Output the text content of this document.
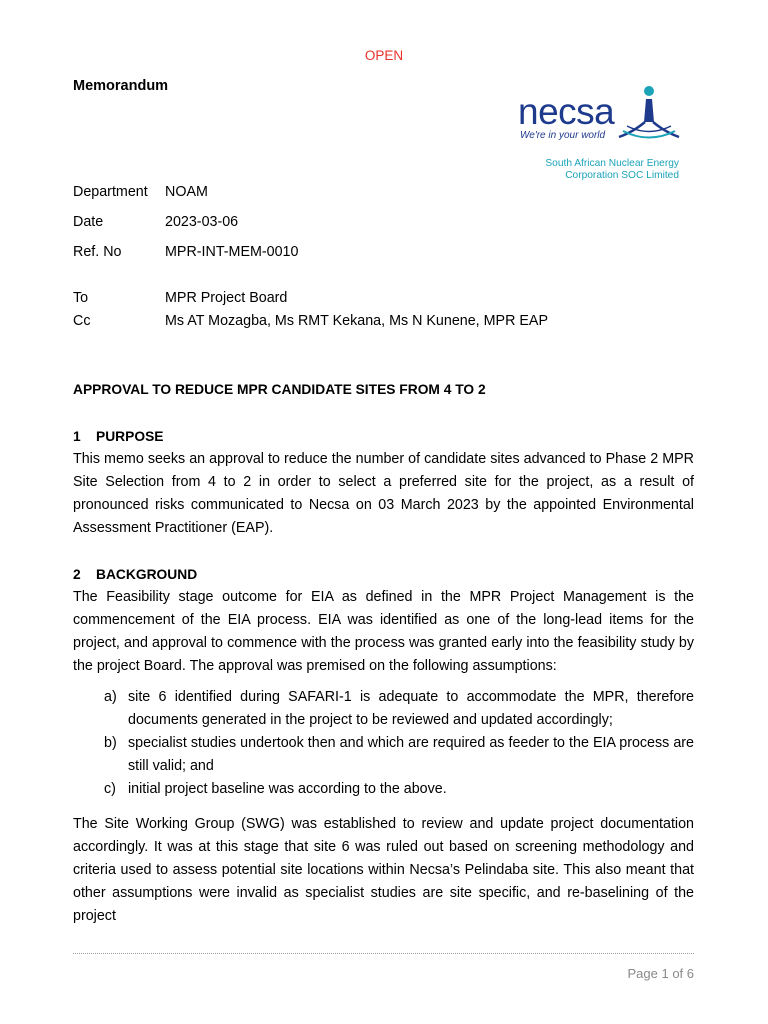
OPEN
Memorandum
necsa
We're in your world
South African Nuclear Energy
Corporation SOC Limited
Department NOAM
Date	2023-03-06
Ref. No	MPR-INT-MEM-0010
To	MPR Project Board
Cc	Ms AT Mozagba, Ms RMT Kekana, Ms N Kunene, MPR EAP
APPROVAL TO REDUCE MPR CANDIDATE SITES FROM 4 TO 2
1 PURPOSE

This memo seeks an approval to reduce the number of candidate sites advanced to Phase 2 MPR Site Selection from 4 to 2 in order to select a preferred site for the project, as a result of pronounced risks communicated to Necsa on 03 March 2023 by the appointed Environmental Assessment Practitioner (EAP).

2 BACKGROUND

The Feasibility stage outcome for EIA as defined in the MPR Project Management is the commencement of the EIA process. EIA was identified as one of the long-lead items for the project, and approval to commence with the process was granted early into the feasibility study by the project Board. The approval was premised on the following assumptions:

a) site 6 identified during SAFARI-1 is adequate to accommodate the MPR, therefore documents generated in the project to be reviewed and updated accordingly;
b) specialist studies undertook then and which are required as feeder to the EIA process are still valid; and
c) initial project baseline was according to the above.

The Site Working Group (SWG) was established to review and update project documentation accordingly. It was at this stage that site 6 was ruled out based on screening methodology and criteria used to assess potential site locations within Necsa’s Pelindaba site. This also meant that other assumptions were invalid as specialist studies are site specific, and re-baselining of the project

Page 1 of 6
